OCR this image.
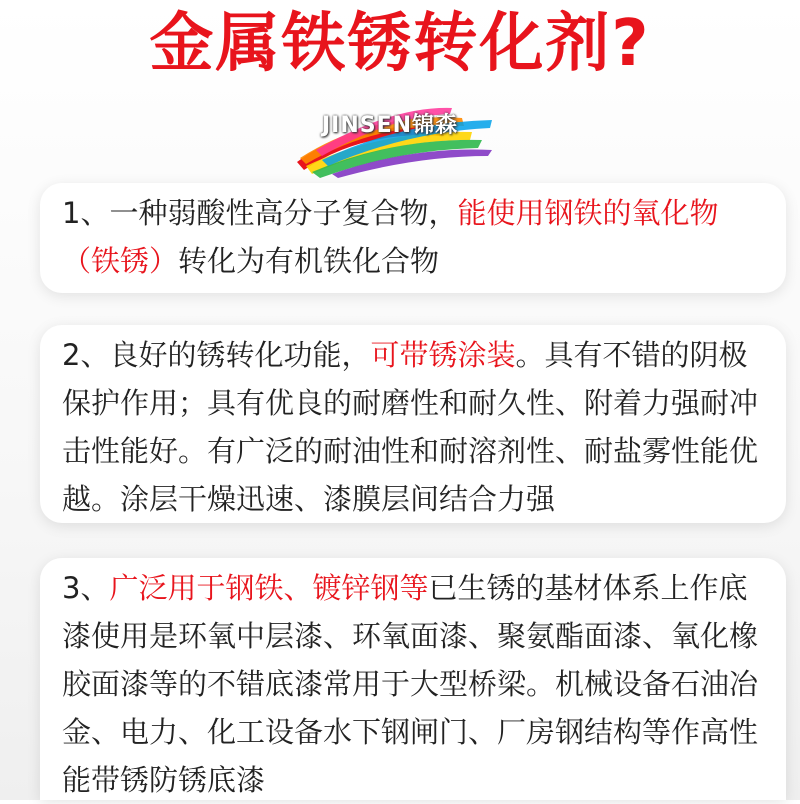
金属铁锈转化剂?
JINSEN锦森
1、一种弱酸性高分子复合物，能使用钢铁的氧化物（铁锈）转化为有机铁化合物
2、良好的锈转化功能，可带锈涂装。具有不错的阴极保护作用；具有优良的耐磨性和耐久性、附着力强耐冲击性能好。有广泛的耐油性和耐溶剂性、耐盐雾性能优越。涂层干燥迅速、漆膜层间结合力强
3、广泛用于钢铁、镀锌钢等已生锈的基材体系上作底漆使用是环氧中层漆、环氧面漆、聚氨酯面漆、氧化橡胶面漆等的不错底漆常用于大型桥梁。机械设备石油冶金、电力、化工设备水下钢闸门、厂房钢结构等作高性能带锈防锈底漆
